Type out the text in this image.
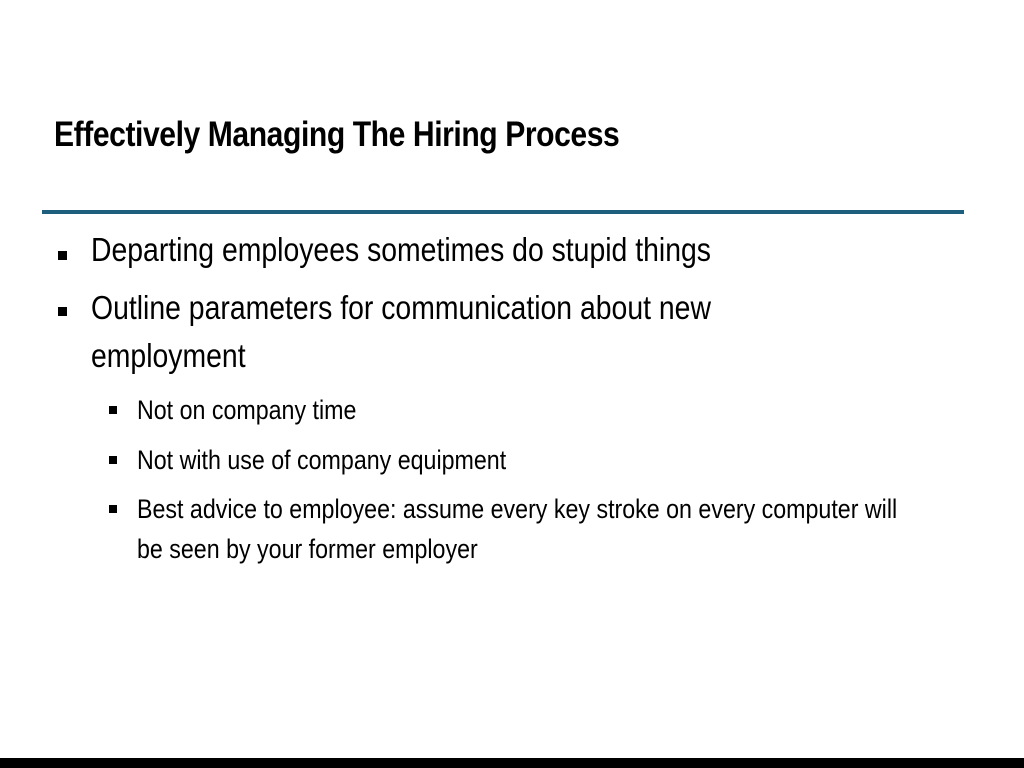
Effectively Managing The Hiring Process
Departing employees sometimes do stupid things
Outline parameters for communication about new employment
Not on company time
Not with use of company equipment
Best advice to employee: assume every key stroke on every computer will be seen by your former employer
